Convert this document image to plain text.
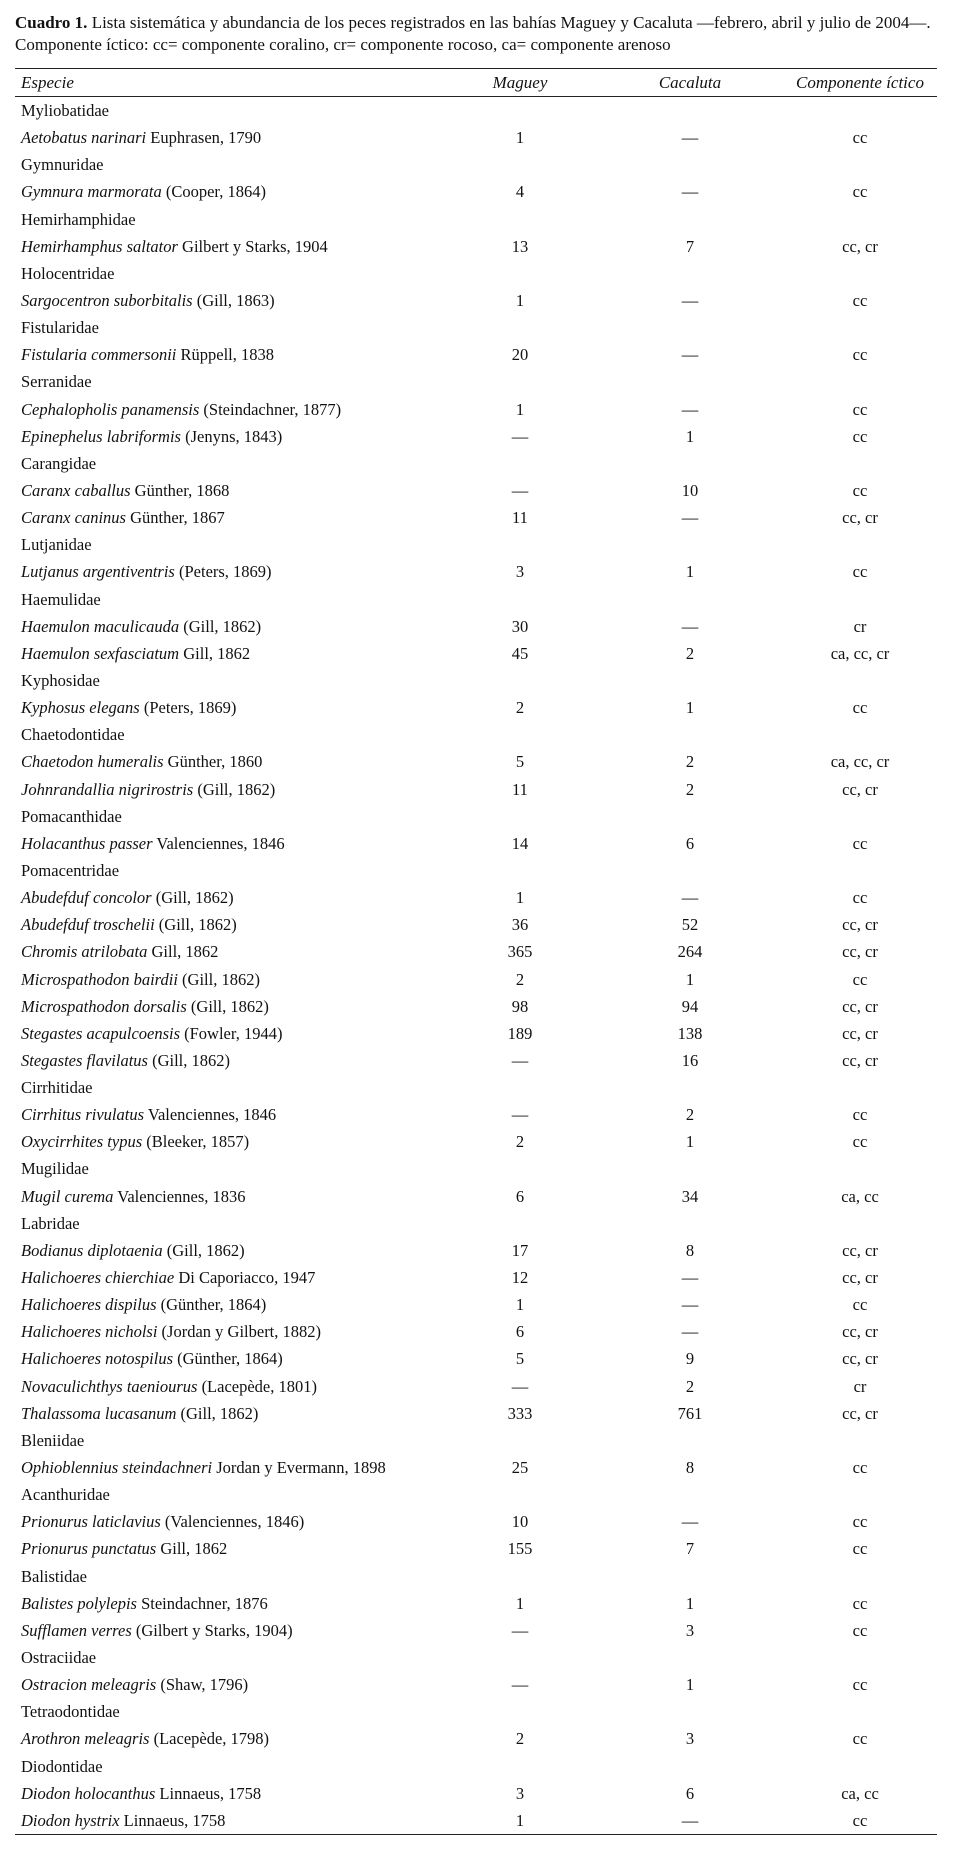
Cuadro 1. Lista sistemática y abundancia de los peces registrados en las bahías Maguey y Cacaluta —febrero, abril y julio de 2004—.
Componente íctico: cc= componente coralino, cr= componente rocoso, ca= componente arenoso
Especie	Maguey	Cacaluta	Componente íctico
Myliobatidae
Aetobatus narinari Euphrasen, 1790	1	—	cc
Gymnuridae
Gymnura marmorata (Cooper, 1864)	4	—	cc
Hemirhamphidae
Hemirhamphus saltator Gilbert y Starks, 1904	13	7	cc, cr
Holocentridae
Sargocentron suborbitalis (Gill, 1863)	1	—	cc
Fistularidae
Fistularia commersonii Rüppell, 1838	20	—	cc
Serranidae
Cephalopholis panamensis (Steindachner, 1877)	1	—	cc
Epinephelus labriformis (Jenyns, 1843)	—	1	cc
Carangidae
Caranx caballus Günther, 1868	—	10	cc
Caranx caninus Günther, 1867	11	—	cc, cr
Lutjanidae
Lutjanus argentiventris (Peters, 1869)	3	1	cc
Haemulidae
Haemulon maculicauda (Gill, 1862)	30	—	cr
Haemulon sexfasciatum Gill, 1862	45	2	ca, cc, cr
Kyphosidae
Kyphosus elegans (Peters, 1869)	2	1	cc
Chaetodontidae
Chaetodon humeralis Günther, 1860	5	2	ca, cc, cr
Johnrandallia nigrirostris (Gill, 1862)	11	2	cc, cr
Pomacanthidae
Holacanthus passer Valenciennes, 1846	14	6	cc
Pomacentridae
Abudefduf concolor (Gill, 1862)	1	—	cc
Abudefduf troschelii (Gill, 1862)	36	52	cc, cr
Chromis atrilobata Gill, 1862	365	264	cc, cr
Microspathodon bairdii (Gill, 1862)	2	1	cc
Microspathodon dorsalis (Gill, 1862)	98	94	cc, cr
Stegastes acapulcoensis (Fowler, 1944)	189	138	cc, cr
Stegastes flavilatus (Gill, 1862)	—	16	cc, cr
Cirrhitidae
Cirrhitus rivulatus Valenciennes, 1846	—	2	cc
Oxycirrhites typus (Bleeker, 1857)	2	1	cc
Mugilidae
Mugil curema Valenciennes, 1836	6	34	ca, cc
Labridae
Bodianus diplotaenia (Gill, 1862)	17	8	cc, cr
Halichoeres chierchiae Di Caporiacco, 1947	12	—	cc, cr
Halichoeres dispilus (Günther, 1864)	1	—	cc
Halichoeres nicholsi (Jordan y Gilbert, 1882)	6	—	cc, cr
Halichoeres notospilus (Günther, 1864)	5	9	cc, cr
Novaculichthys taeniourus (Lacepède, 1801)	—	2	cr
Thalassoma lucasanum (Gill, 1862)	333	761	cc, cr
Bleniidae
Ophioblennius steindachneri Jordan y Evermann, 1898	25	8	cc
Acanthuridae
Prionurus laticlavius (Valenciennes, 1846)	10	—	cc
Prionurus punctatus Gill, 1862	155	7	cc
Balistidae
Balistes polylepis Steindachner, 1876	1	1	cc
Sufflamen verres (Gilbert y Starks, 1904)	—	3	cc
Ostraciidae
Ostracion meleagris (Shaw, 1796)	—	1	cc
Tetraodontidae
Arothron meleagris (Lacepède, 1798)	2	3	cc
Diodontidae
Diodon holocanthus Linnaeus, 1758	3	6	ca, cc
Diodon hystrix Linnaeus, 1758	1	—	cc
